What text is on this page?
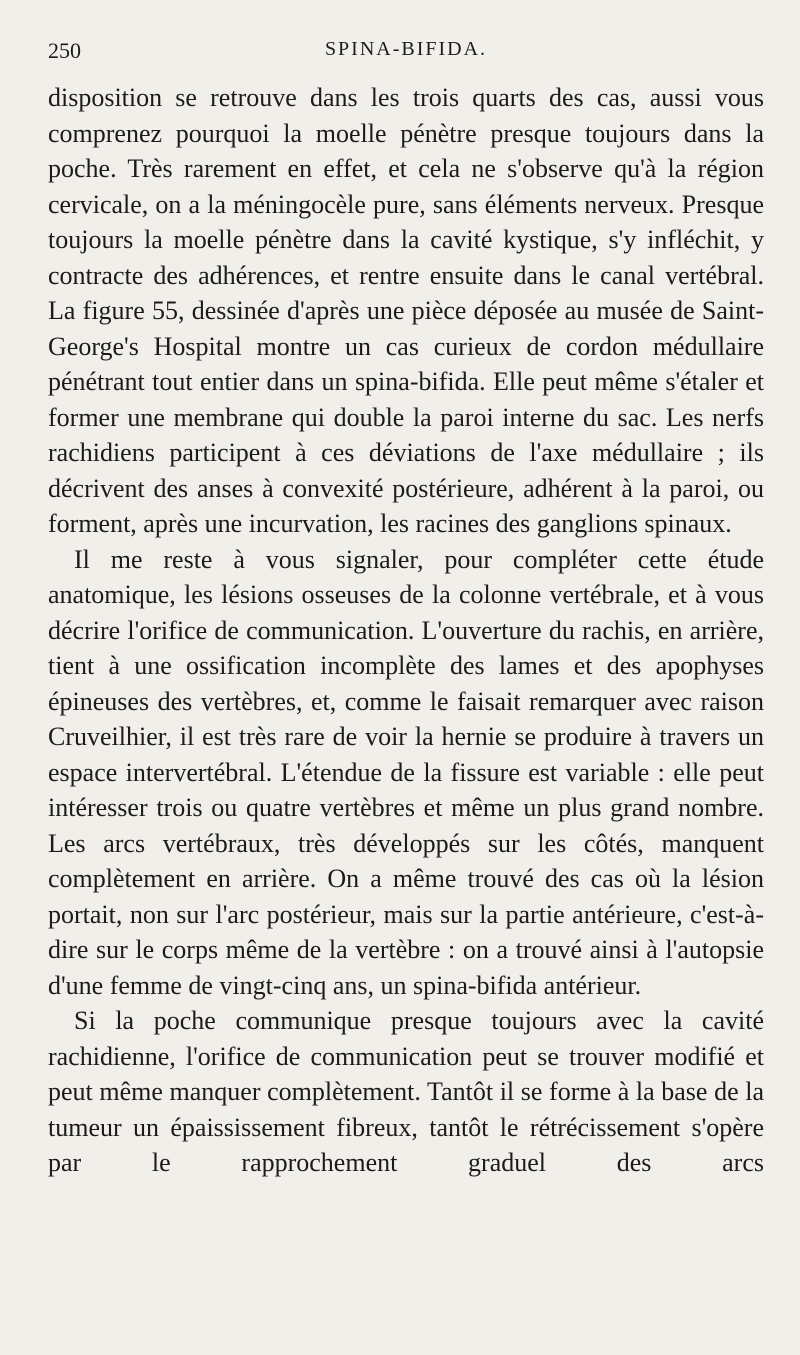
250	SPINA-BIFIDA.

disposition se retrouve dans les trois quarts des cas, aussi vous comprenez pourquoi la moelle pénètre presque toujours dans la poche. Très rarement en effet, et cela ne s'observe qu'à la région cervicale, on a la méningocèle pure, sans éléments nerveux. Presque toujours la moelle pénètre dans la cavité kystique, s'y infléchit, y contracte des adhérences, et rentre ensuite dans le canal vertébral. La figure 55, dessinée d'après une pièce déposée au musée de Saint-George's Hospital montre un cas curieux de cordon médullaire pénétrant tout entier dans un spina-bifida. Elle peut même s'étaler et former une membrane qui double la paroi interne du sac. Les nerfs rachidiens participent à ces déviations de l'axe médullaire ; ils décrivent des anses à convexité postérieure, adhérent à la paroi, ou forment, après une incurvation, les racines des ganglions spinaux.

Il me reste à vous signaler, pour compléter cette étude anatomique, les lésions osseuses de la colonne vertébrale, et à vous décrire l'orifice de communication. L'ouverture du rachis, en arrière, tient à une ossification incomplète des lames et des apophyses épineuses des vertèbres, et, comme le faisait remarquer avec raison Cruveilhier, il est très rare de voir la hernie se produire à travers un espace intervertébral. L'étendue de la fissure est variable : elle peut intéresser trois ou quatre vertèbres et même un plus grand nombre. Les arcs vertébraux, très développés sur les côtés, manquent complètement en arrière. On a même trouvé des cas où la lésion portait, non sur l'arc postérieur, mais sur la partie antérieure, c'est-à-dire sur le corps même de la vertèbre : on a trouvé ainsi à l'autopsie d'une femme de vingt-cinq ans, un spina-bifida antérieur.

Si la poche communique presque toujours avec la cavité rachidienne, l'orifice de communication peut se trouver modifié et peut même manquer complètement. Tantôt il se forme à la base de la tumeur un épaississement fibreux, tantôt le rétrécissement s'opère par le rapprochement graduel des arcs
